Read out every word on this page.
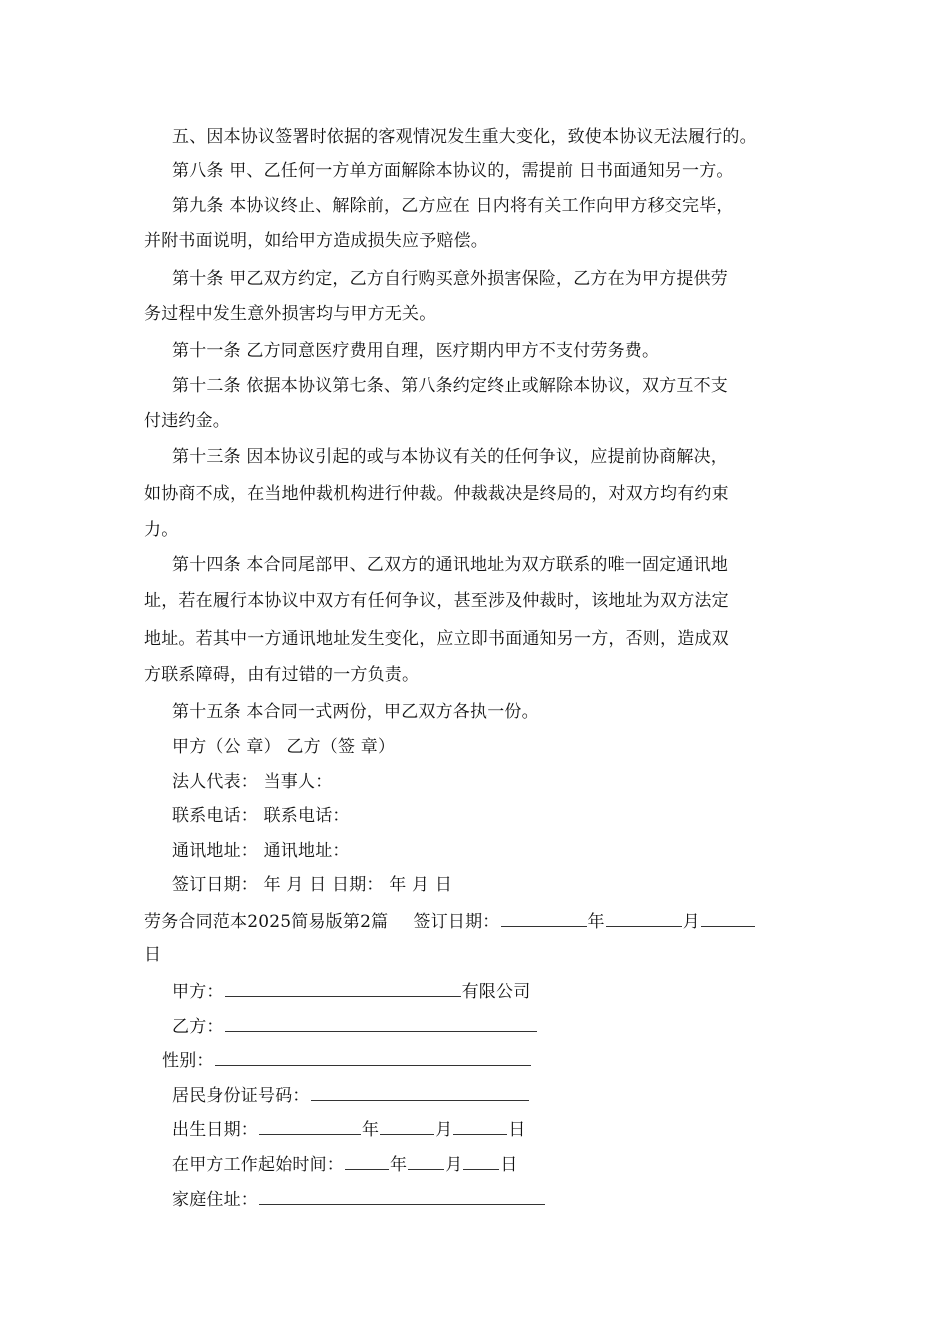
五、因本协议签署时依据的客观情况发生重大变化，致使本协议无法履行的。
第八条 甲、乙任何一方单方面解除本协议的，需提前 日书面通知另一方。
第九条 本协议终止、解除前，乙方应在 日内将有关工作向甲方移交完毕，
并附书面说明，如给甲方造成损失应予赔偿。
第十条 甲乙双方约定，乙方自行购买意外损害保险，乙方在为甲方提供劳
务过程中发生意外损害均与甲方无关。
第十一条 乙方同意医疗费用自理，医疗期内甲方不支付劳务费。
第十二条 依据本协议第七条、第八条约定终止或解除本协议，双方互不支
付违约金。
第十三条 因本协议引起的或与本协议有关的任何争议，应提前协商解决，
如协商不成，在当地仲裁机构进行仲裁。仲裁裁决是终局的，对双方均有约束
力。
第十四条 本合同尾部甲、乙双方的通讯地址为双方联系的唯一固定通讯地
址，若在履行本协议中双方有任何争议，甚至涉及仲裁时，该地址为双方法定
地址。若其中一方通讯地址发生变化，应立即书面通知另一方，否则，造成双
方联系障碍，由有过错的一方负责。
第十五条 本合同一式两份，甲乙双方各执一份。
甲方（公 章） 乙方（签 章）
法人代表： 当事人：
联系电话： 联系电话：
通讯地址： 通讯地址：
签订日期： 年 月 日 日期： 年 月 日
劳务合同范本2025简易版第2篇 签订日期：	年	月
日
甲方：	有限公司
乙方：
性别：
居民身份证号码：
出生日期：	年	月	日
在甲方工作起始时间：	年 月 日
家庭住址：
